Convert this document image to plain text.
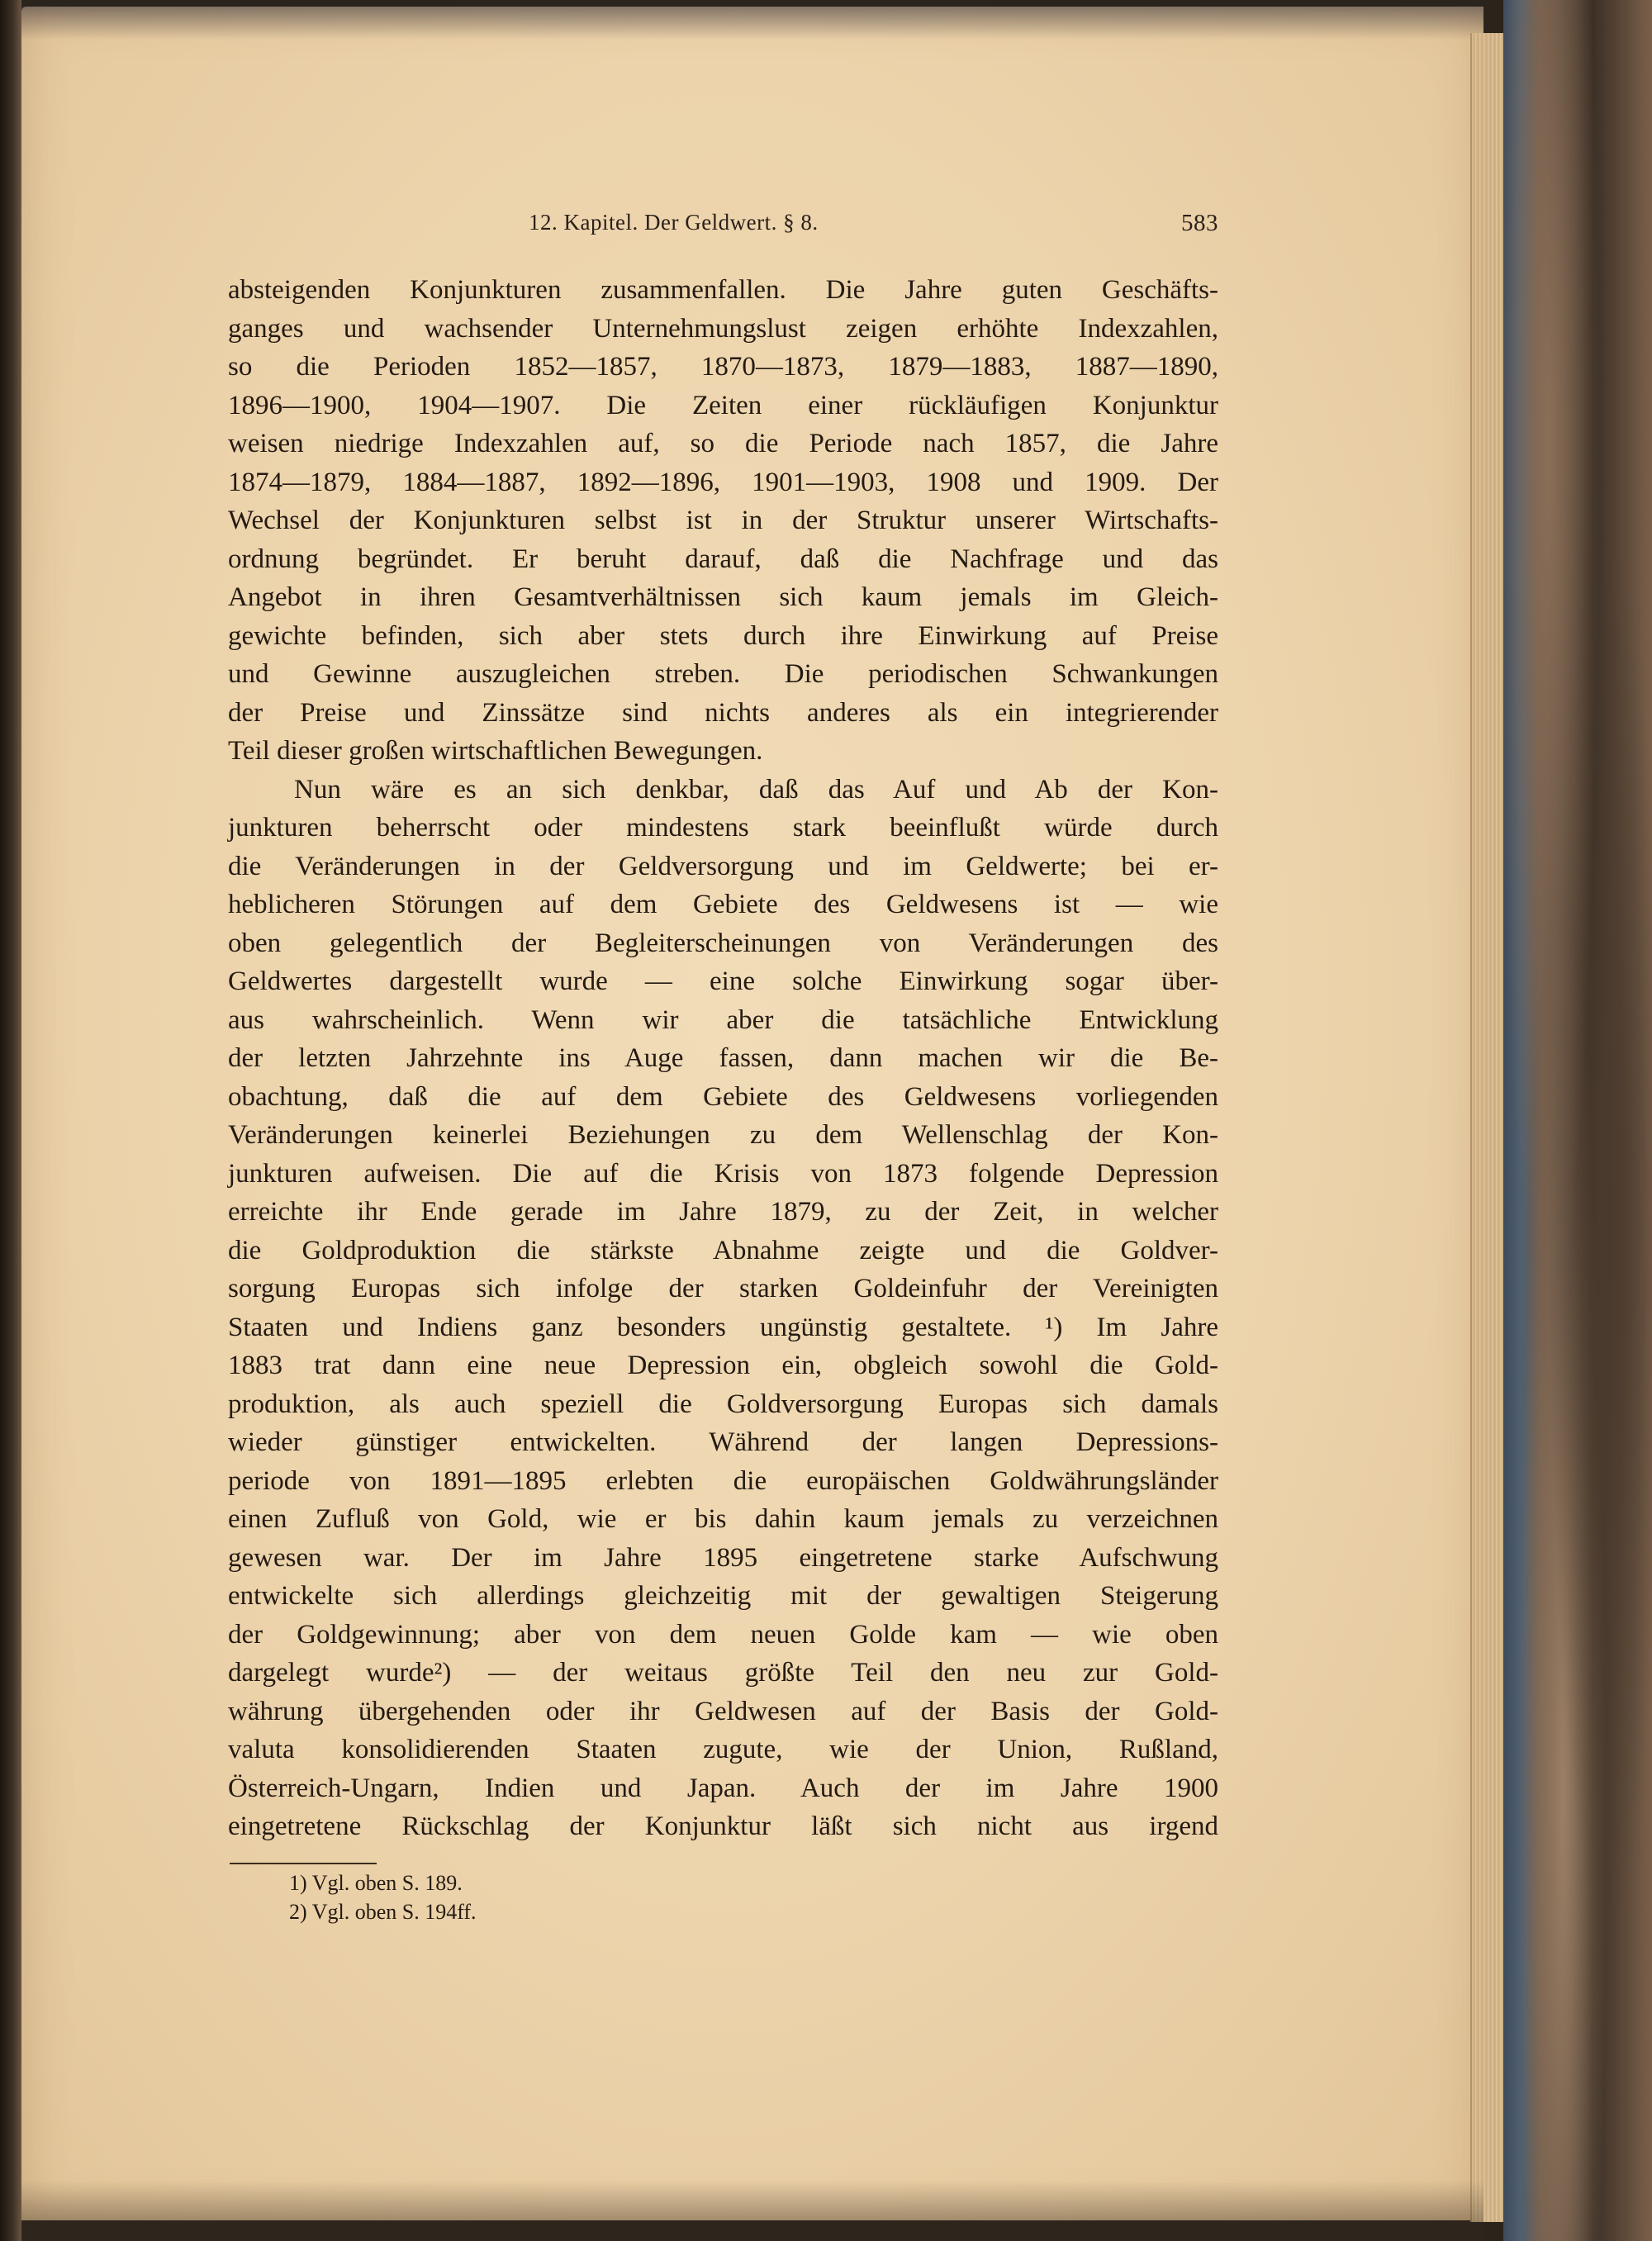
12. Kapitel. Der Geldwert. § 8.	583
absteigenden Konjunkturen zusammenfallen. Die Jahre guten Geschäfts-
ganges und wachsender Unternehmungslust zeigen erhöhte Indexzahlen,
so die Perioden 1852—1857, 1870—1873, 1879—1883, 1887—1890,
1896—1900, 1904—1907. Die Zeiten einer rückläufigen Konjunktur
weisen niedrige Indexzahlen auf, so die Periode nach 1857, die Jahre
1874—1879, 1884—1887, 1892—1896, 1901—1903, 1908 und 1909. Der
Wechsel der Konjunkturen selbst ist in der Struktur unserer Wirtschafts-
ordnung begründet. Er beruht darauf, daß die Nachfrage und das
Angebot in ihren Gesamtverhältnissen sich kaum jemals im Gleich-
gewichte befinden, sich aber stets durch ihre Einwirkung auf Preise
und Gewinne auszugleichen streben. Die periodischen Schwankungen
der Preise und Zinssätze sind nichts anderes als ein integrierender
Teil dieser großen wirtschaftlichen Bewegungen.
Nun wäre es an sich denkbar, daß das Auf und Ab der Kon-
junkturen beherrscht oder mindestens stark beeinflußt würde durch
die Veränderungen in der Geldversorgung und im Geldwerte; bei er-
heblicheren Störungen auf dem Gebiete des Geldwesens ist — wie
oben gelegentlich der Begleiterscheinungen von Veränderungen des
Geldwertes dargestellt wurde — eine solche Einwirkung sogar über-
aus wahrscheinlich. Wenn wir aber die tatsächliche Entwicklung
der letzten Jahrzehnte ins Auge fassen, dann machen wir die Be-
obachtung, daß die auf dem Gebiete des Geldwesens vorliegenden
Veränderungen keinerlei Beziehungen zu dem Wellenschlag der Kon-
junkturen aufweisen. Die auf die Krisis von 1873 folgende Depression
erreichte ihr Ende gerade im Jahre 1879, zu der Zeit, in welcher
die Goldproduktion die stärkste Abnahme zeigte und die Goldver-
sorgung Europas sich infolge der starken Goldeinfuhr der Vereinigten
Staaten und Indiens ganz besonders ungünstig gestaltete. ¹) Im Jahre
1883 trat dann eine neue Depression ein, obgleich sowohl die Gold-
produktion, als auch speziell die Goldversorgung Europas sich damals
wieder günstiger entwickelten. Während der langen Depressions-
periode von 1891—1895 erlebten die europäischen Goldwährungsländer
einen Zufluß von Gold, wie er bis dahin kaum jemals zu verzeichnen
gewesen war. Der im Jahre 1895 eingetretene starke Aufschwung
entwickelte sich allerdings gleichzeitig mit der gewaltigen Steigerung
der Goldgewinnung; aber von dem neuen Golde kam — wie oben
dargelegt wurde²) — der weitaus größte Teil den neu zur Gold-
währung übergehenden oder ihr Geldwesen auf der Basis der Gold-
valuta konsolidierenden Staaten zugute, wie der Union, Rußland,
Österreich-Ungarn, Indien und Japan. Auch der im Jahre 1900
eingetretene Rückschlag der Konjunktur läßt sich nicht aus irgend
1) Vgl. oben S. 189.
2) Vgl. oben S. 194ff.
